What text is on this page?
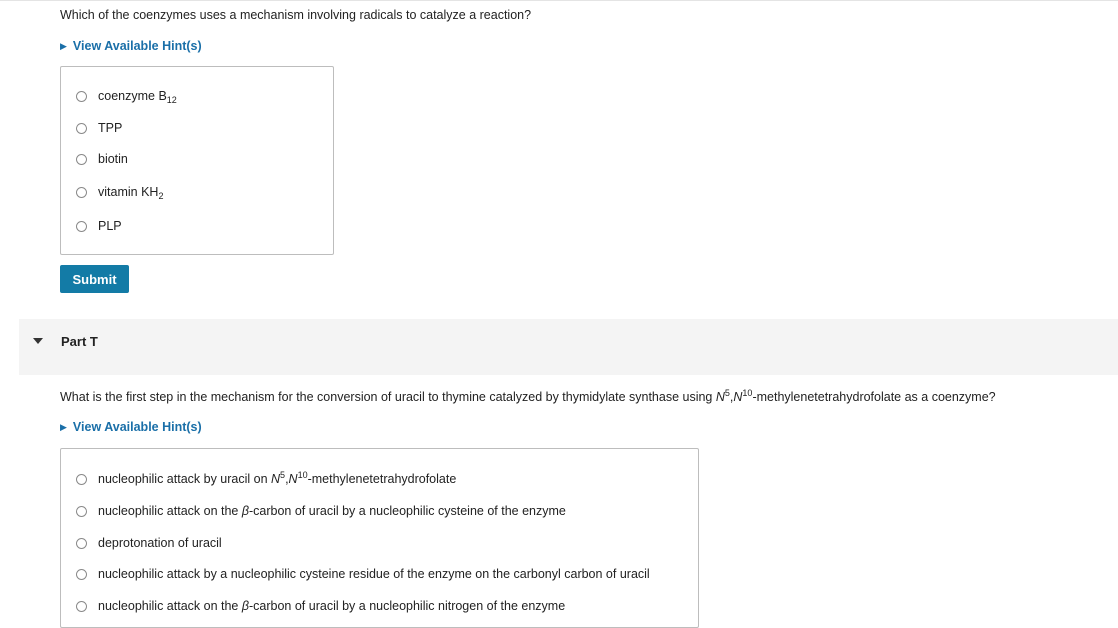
Which of the coenzymes uses a mechanism involving radicals to catalyze a reaction?
▶ View Available Hint(s)
coenzyme $B_{12}$
TPP
biotin
vitamin $KH_2$
PLP
Submit
Part T
What is the first step in the mechanism for the conversion of uracil to thymine catalyzed by thymidylate synthase using $N^5,N^{10}$-methylenetetrahydrofolate as a coenzyme?
▶ View Available Hint(s)
nucleophilic attack by uracil on $N^5,N^{10}$-methylenetetrahydrofolate
nucleophilic attack on the β-carbon of uracil by a nucleophilic cysteine of the enzyme
deprotonation of uracil
nucleophilic attack by a nucleophilic cysteine residue of the enzyme on the carbonyl carbon of uracil
nucleophilic attack on the β-carbon of uracil by a nucleophilic nitrogen of the enzyme
